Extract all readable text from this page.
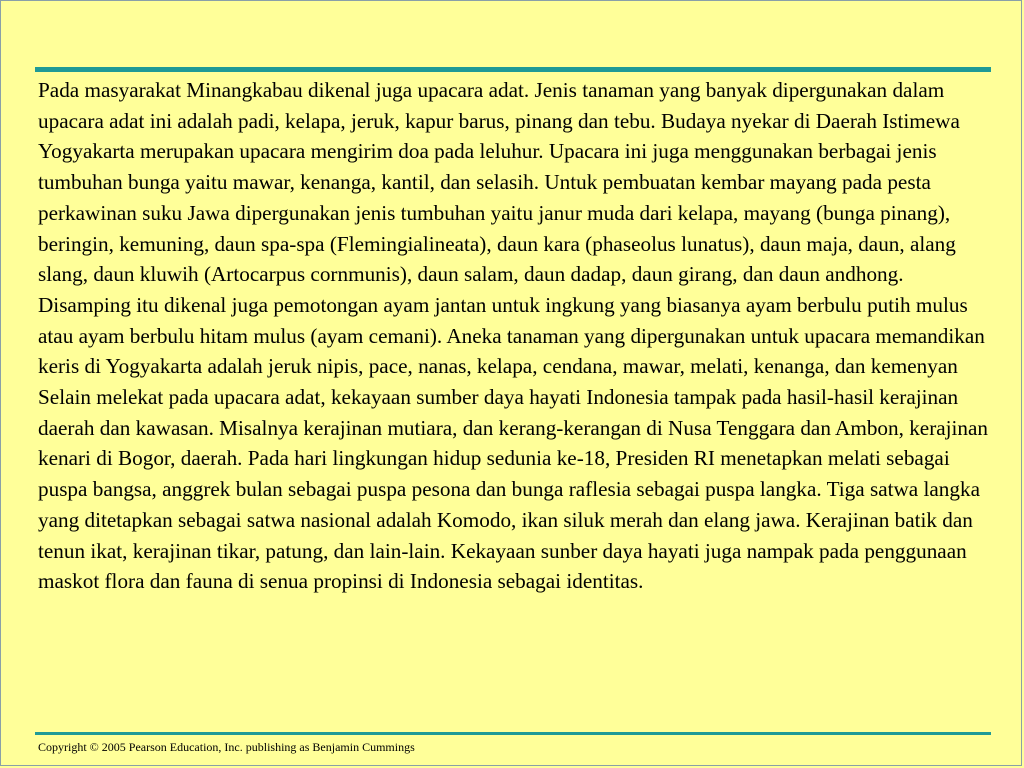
Pada masyarakat Minangkabau dikenal juga upacara adat. Jenis tanaman yang banyak dipergunakan dalam upacara adat ini adalah padi, kelapa, jeruk, kapur barus, pinang dan tebu. Budaya nyekar di Daerah Istimewa Yogyakarta merupakan upacara mengirim doa pada leluhur. Upacara ini juga menggunakan berbagai jenis tumbuhan bunga yaitu mawar, kenanga, kantil, dan selasih. Untuk pembuatan kembar mayang pada pesta perkawinan suku Jawa dipergunakan jenis tumbuhan yaitu janur muda dari kelapa, mayang (bunga pinang), beringin, kemuning, daun spa-spa (Flemingialineata), daun kara (phaseolus lunatus), daun maja, daun, alang slang, daun kluwih (Artocarpus cornmunis), daun salam, daun dadap, daun girang, dan daun andhong. Disamping itu dikenal juga pemotongan ayam jantan untuk ingkung yang biasanya ayam berbulu putih mulus atau ayam berbulu hitam mulus (ayam cemani). Aneka tanaman yang dipergunakan untuk upacara memandikan keris di Yogyakarta adalah jeruk nipis, pace, nanas, kelapa, cendana, mawar, melati, kenanga, dan kemenyan Selain melekat pada upacara adat, kekayaan sumber daya hayati Indonesia tampak pada hasil-hasil kerajinan daerah dan kawasan. Misalnya kerajinan mutiara, dan kerang-kerangan di Nusa Tenggara dan Ambon, kerajinan kenari di Bogor, daerah. Pada hari lingkungan hidup sedunia ke-18, Presiden RI menetapkan melati sebagai puspa bangsa, anggrek bulan sebagai puspa pesona dan bunga raflesia sebagai puspa langka. Tiga satwa langka yang ditetapkan sebagai satwa nasional adalah Komodo, ikan siluk merah dan elang jawa. Kerajinan batik dan tenun ikat, kerajinan tikar, patung, dan lain-lain. Kekayaan sunber daya hayati juga nampak pada penggunaan maskot flora dan fauna di senua propinsi di Indonesia sebagai identitas.

Copyright © 2005 Pearson Education, Inc. publishing as Benjamin Cummings
